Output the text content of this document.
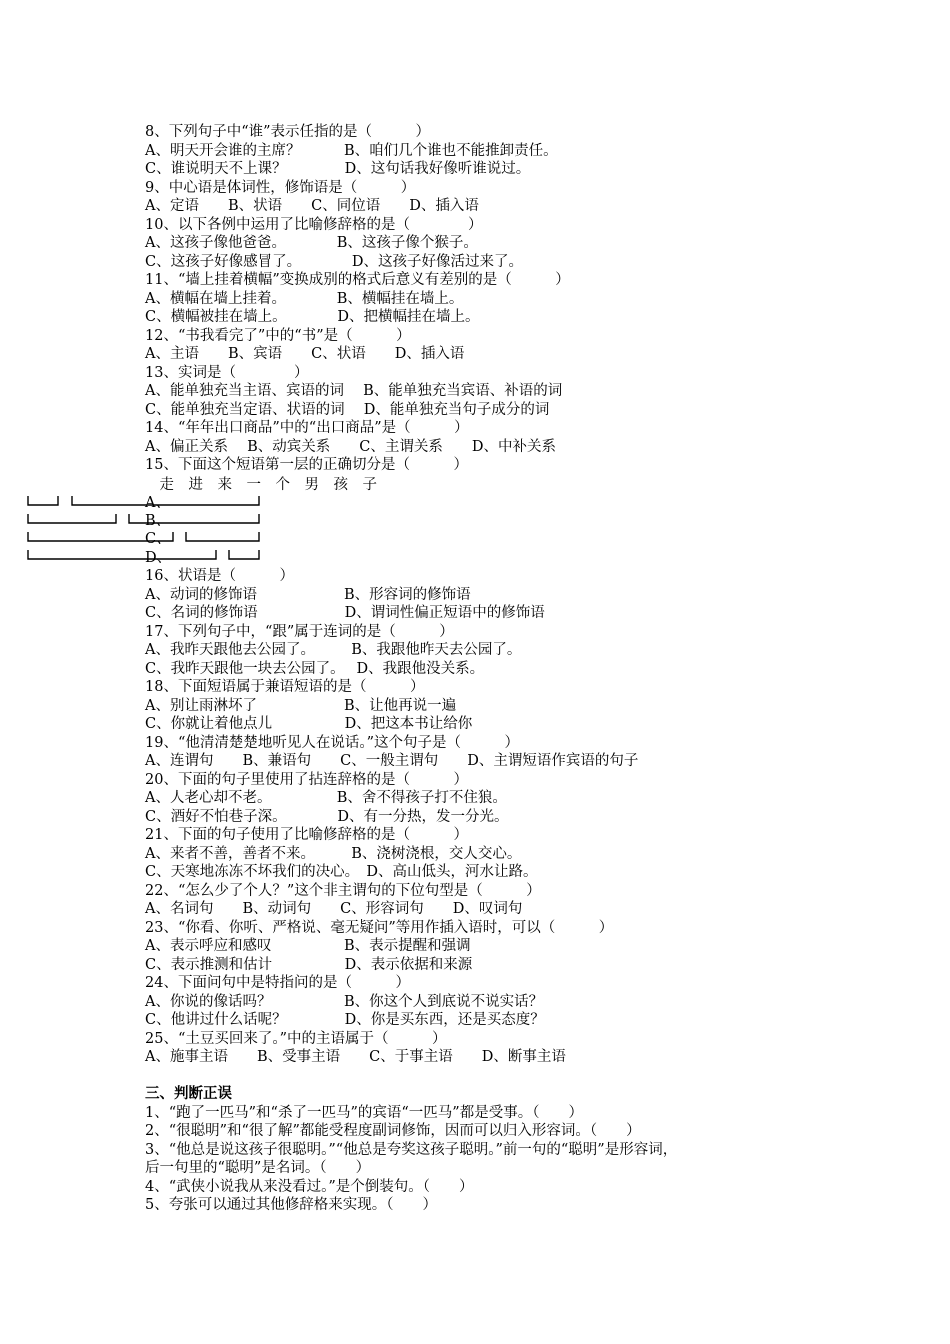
8、下列句子中“谁”表示任指的是（　　　）
A、明天开会谁的主席？　　　B、咱们几个谁也不能推卸责任。
C、谁说明天不上课？　　　　D、这句话我好像听谁说过。
9、中心语是体词性，修饰语是（　　　）
A、定语　　B、状语　　C、同位语　　D、插入语
10、以下各例中运用了比喻修辞格的是（　　　　）
A、这孩子像他爸爸。　　　　B、这孩子像个猴子。
C、这孩子好像感冒了。　　　　D、这孩子好像活过来了。
11、“墙上挂着横幅”变换成别的格式后意义有差别的是（　　　）
A、横幅在墙上挂着。　　　　B、横幅挂在墙上。
C、横幅被挂在墙上。　　　　D、把横幅挂在墙上。
12、“书我看完了”中的“书”是（　　　）
A、主语　　B、宾语　　C、状语　　D、插入语
13、实词是（　　　　）
A、能单独充当主语、宾语的词　 B、能单独充当宾语、补语的词
C、能单独充当定语、状语的词　 D、能单独充当句子成分的词
14、“年年出口商品”中的“出口商品”是（　　　）
A、偏正关系　 B、动宾关系　　C、主谓关系　　D、中补关系
15、下面这个短语第一层的正确切分是（　　　）
　走　进　来　一　个　男　孩　子
A、
B、
C、
D、
16、状语是（　　　）
A、动词的修饰语　　　　　　B、形容词的修饰语
C、名词的修饰语　　　　　　D、谓词性偏正短语中的修饰语
17、下列句子中，“跟”属于连词的是（　　　）
A、我昨天跟他去公园了。　　　B、我跟他昨天去公园了。
C、我昨天跟他一块去公园了。　 D、我跟他没关系。
18、下面短语属于兼语短语的是（　　　）
A、别让雨淋坏了　　　　　　B、让他再说一遍
C、你就让着他点儿　　　　　D、把这本书让给你
19、“他清清楚楚地听见人在说话。”这个句子是（　　　）
A、连谓句　　B、兼语句　　C、一般主谓句　　D、主谓短语作宾语的句子
20、下面的句子里使用了拈连辞格的是（　　　）
A、人老心却不老。　　　　　B、舍不得孩子打不住狼。
C、酒好不怕巷子深。　　　　D、有一分热，发一分光。
21、下面的句子使用了比喻修辞格的是（　　　）
A、来者不善，善者不来。　　　B、浇树浇根，交人交心。
C、天寒地冻冻不坏我们的决心。　D、高山低头，河水让路。
22、“怎么少了个人？”这个非主谓句的下位句型是（　　　）
A、名词句　　B、动词句　　C、形容词句　　D、叹词句
23、“你看、你听、严格说、毫无疑问”等用作插入语时，可以（　　　）
A、表示呼应和感叹　　　　　B、表示提醒和强调
C、表示推测和估计　　　　　D、表示依据和来源
24、下面问句中是特指问的是（　　　）
A、你说的像话吗？　　　　　B、你这个人到底说不说实话？
C、他讲过什么话呢？　　　　D、你是买东西，还是买态度？
25、“土豆买回来了。”中的主语属于（　　　）
A、施事主语　　B、受事主语　　C、于事主语　　D、断事主语
三、判断正误
1、“跑了一匹马”和“杀了一匹马”的宾语“一匹马”都是受事。（　　）
2、“很聪明”和“很了解”都能受程度副词修饰，因而可以归入形容词。（　　）
3、“他总是说这孩子很聪明。”“他总是夸奖这孩子聪明。”前一句的“聪明”是形容词，
后一句里的“聪明”是名词。（　　）
4、“武侠小说我从来没看过。”是个倒装句。（　　）
5、夸张可以通过其他修辞格来实现。（　　）
